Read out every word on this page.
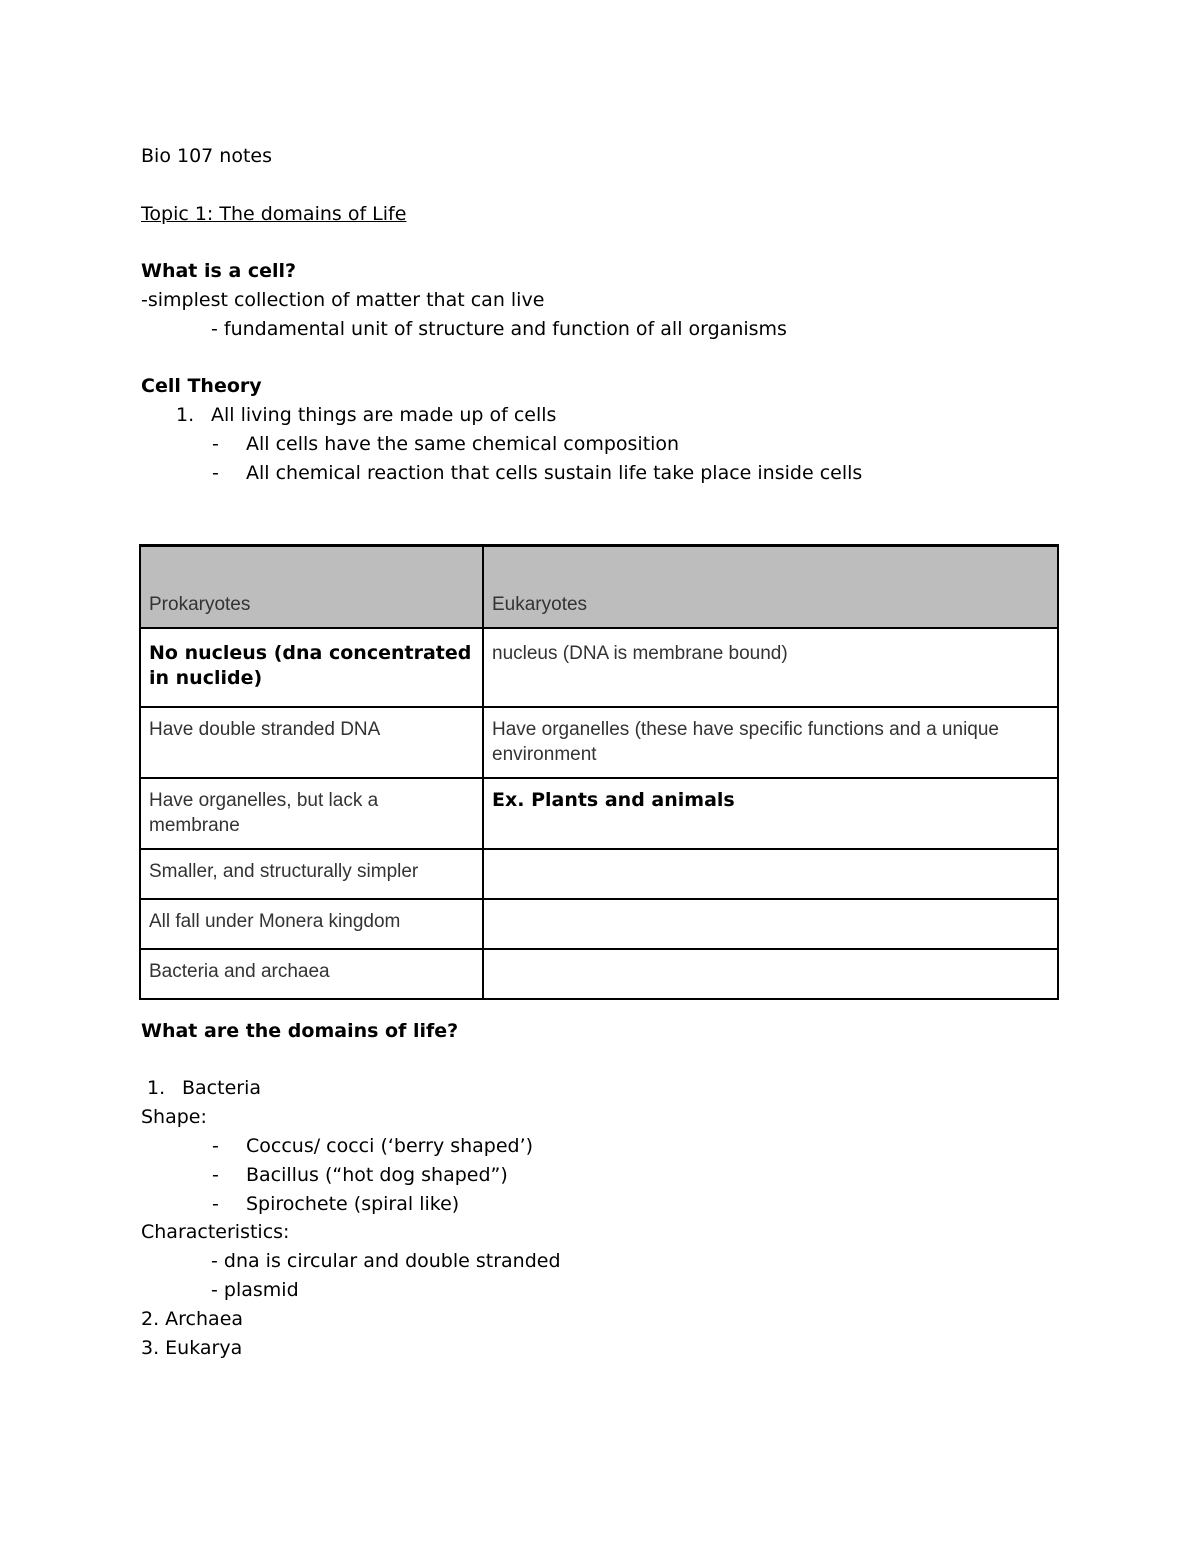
Bio 107 notes
Topic 1: The domains of Life
What is a cell?
-simplest collection of matter that can live
- fundamental unit of structure and function of all organisms
Cell Theory
1. All living things are made up of cells
- All cells have the same chemical composition
- All chemical reaction that cells sustain life take place inside cells
Prokaryotes	Eukaryotes
No nucleus (dna concentrated in nuclide)	nucleus (DNA is membrane bound)
Have double stranded DNA	Have organelles (these have specific functions and a unique environment
Have organelles, but lack a membrane	Ex. Plants and animals
Smaller, and structurally simpler	
All fall under Monera kingdom	
Bacteria and archaea	
What are the domains of life?
1. Bacteria
Shape:
- Coccus/ cocci (‘berry shaped’)
- Bacillus (“hot dog shaped”)
- Spirochete (spiral like)
Characteristics:
- dna is circular and double stranded
- plasmid
2. Archaea
3. Eukarya
